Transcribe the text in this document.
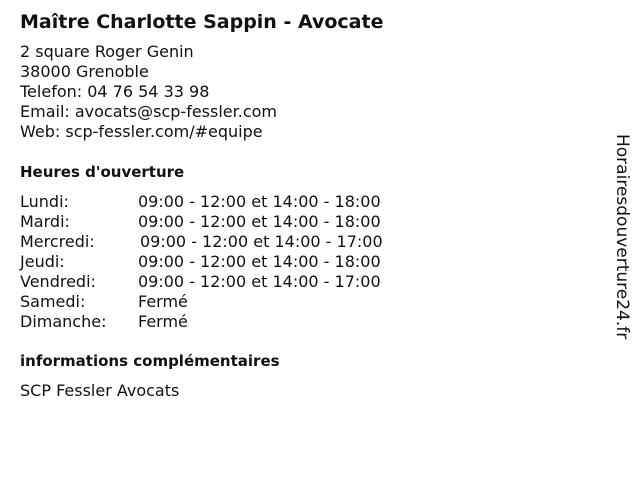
Maître Charlotte Sappin - Avocate
2 square Roger Genin
38000 Grenoble
Telefon: 04 76 54 33 98
Email: avocats@scp-fessler.com
Web: scp-fessler.com/#equipe
Heures d'ouverture
Lundi:	09:00 - 12:00 et 14:00 - 18:00
Mardi:	09:00 - 12:00 et 14:00 - 18:00
Mercredi:	09:00 - 12:00 et 14:00 - 17:00
Jeudi:	09:00 - 12:00 et 14:00 - 18:00
Vendredi:	09:00 - 12:00 et 14:00 - 17:00
Samedi:	Fermé
Dimanche:	Fermé
informations complémentaires
SCP Fessler Avocats
Horairesdouverture24.fr
